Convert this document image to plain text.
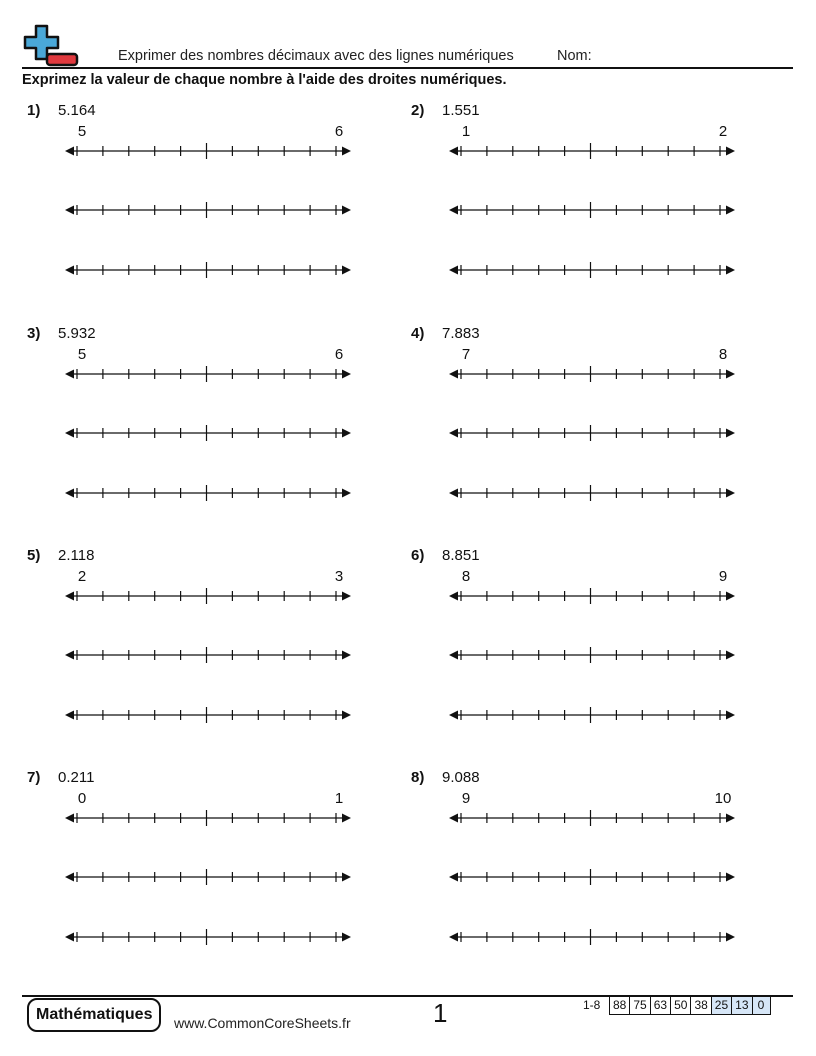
Exprimer des nombres décimaux avec des lignes numériques	Nom:
Exprimez la valeur de chaque nombre à l'aide des droites numériques.
1) 5.164
5	6
2) 1.551
1	2
3) 5.932
5	6
4) 7.883
7	8
5) 2.118
2	3
6) 8.851
8	9
7) 0.211
0	1
8) 9.088
9	10
Mathématiques	www.CommonCoreSheets.fr	1	1-8 88 75 63 50 38 25 13 0
